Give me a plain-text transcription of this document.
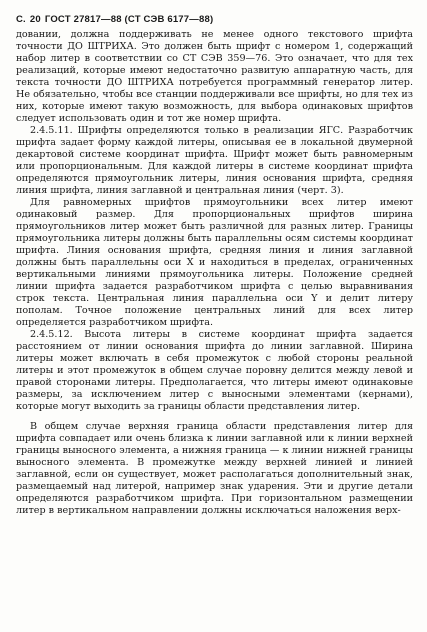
С. 20 ГОСТ 27817—88 (СТ СЭВ 6177—88)

довании, должна поддерживать не менее одного текстового шрифта точности ДО ШТРИХА. Это должен быть шрифт с номером 1, содержащий набор литер в соответствии со СТ СЭВ 359—76. Это означает, что для тех реализаций, которые имеют недостаточно развитую аппаратную часть, для текста точности ДО ШТРИХА потребуется программный генератор литер. Не обязательно, чтобы все станции поддерживали все шрифты, но для тех из них, которые имеют такую возможность, для выбора одинаковых шрифтов следует использовать один и тот же номер шрифта.

2.4.5.11. Шрифты определяются только в реализации ЯГС. Разработчик шрифта задает форму каждой литеры, описывая ее в локальной двумерной декартовой системе координат шрифта. Шрифт может быть равномерным или пропорциональным. Для каждой литеры в системе координат шрифта определяются прямоугольник литеры, линия основания шрифта, средняя линия шрифта, линия заглавной и центральная линия (черт. 3).

Для равномерных шрифтов прямоугольники всех литер имеют одинаковый размер. Для пропорциональных шрифтов ширина прямоугольников литер может быть различной для разных литер. Границы прямоугольника литеры должны быть параллельны осям системы координат шрифта. Линия основания шрифта, средняя линия и линия заглавной должны быть параллельны оси X и находиться в пределах, ограниченных вертикальными линиями прямоугольника литеры. Положение средней линии шрифта задается разработчиком шрифта с целью выравнивания строк текста. Центральная линия параллельна оси Y и делит литеру пополам. Точное положение центральных линий для всех литер определяется разработчиком шрифта.

2.4.5.12. Высота литеры в системе координат шрифта задается расстоянием от линии основания шрифта до линии заглавной. Ширина литеры может включать в себя промежуток с любой стороны реальной литеры и этот промежуток в общем случае поровну делится между левой и правой сторонами литеры. Предполагается, что литеры имеют одинаковые размеры, за исключением литер с выносными элементами (кернами), которые могут выходить за границы области представления литер.

В общем случае верхняя граница области представления литер для шрифта совпадает или очень близка к линии заглавной или к линии верхней границы выносного элемента, а нижняя граница — к линии нижней границы выносного элемента. В промежутке между верхней линией и линией заглавной, если он существует, может располагаться дополнительный знак, размещаемый над литерой, например знак ударения. Эти и другие детали определяются разработчиком шрифта. При горизонтальном размещении литер в вертикальном направлении должны исключаться наложения верх-
